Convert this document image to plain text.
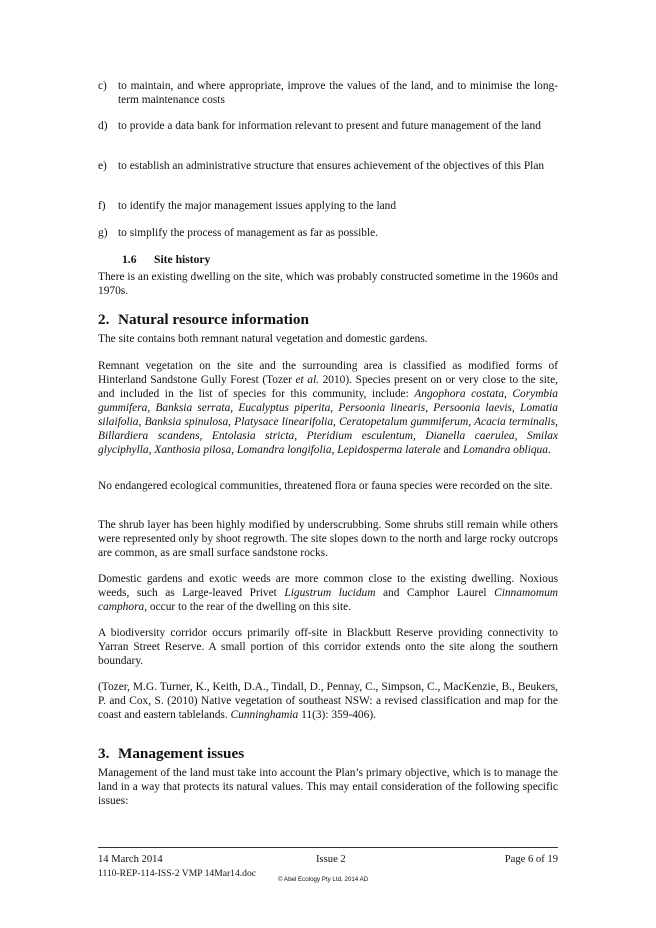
c) to maintain, and where appropriate, improve the values of the land, and to minimise the long-term maintenance costs
d) to provide a data bank for information relevant to present and future management of the land
e) to establish an administrative structure that ensures achievement of the objectives of this Plan
f)	to identify the major management issues applying to the land
g) to simplify the process of management as far as possible.
1.6 Site history
There is an existing dwelling on the site, which was probably constructed sometime in the 1960s and 1970s.
2. Natural resource information
The site contains both remnant natural vegetation and domestic gardens.
Remnant vegetation on the site and the surrounding area is classified as modified forms of Hinterland Sandstone Gully Forest (Tozer et al. 2010). Species present on or very close to the site, and included in the list of species for this community, include: Angophora costata, Corymbia gummifera, Banksia serrata, Eucalyptus piperita, Persoonia linearis, Persoonia laevis, Lomatia silaifolia, Banksia spinulosa, Platysace linearifolia, Ceratopetalum gummiferum, Acacia terminalis, Billardiera scandens, Entolasia stricta, Pteridium esculentum, Dianella caerulea, Smilax glyciphylla, Xanthosia pilosa, Lomandra longifolia, Lepidosperma laterale and Lomandra obliqua.
No endangered ecological communities, threatened flora or fauna species were recorded on the site.
The shrub layer has been highly modified by underscrubbing. Some shrubs still remain while others were represented only by shoot regrowth. The site slopes down to the north and large rocky outcrops are common, as are small surface sandstone rocks.
Domestic gardens and exotic weeds are more common close to the existing dwelling. Noxious weeds, such as Large-leaved Privet Ligustrum lucidum and Camphor Laurel Cinnamomum camphora, occur to the rear of the dwelling on this site.
A biodiversity corridor occurs primarily off-site in Blackbutt Reserve providing connectivity to Yarran Street Reserve. A small portion of this corridor extends onto the site along the southern boundary.
(Tozer, M.G. Turner, K., Keith, D.A., Tindall, D., Pennay, C., Simpson, C., MacKenzie, B., Beukers, P. and Cox, S. (2010) Native vegetation of southeast NSW: a revised classification and map for the coast and eastern tablelands. Cunninghamia 11(3): 359-406).
3. Management issues
Management of the land must take into account the Plan’s primary objective, which is to manage the land in a way that protects its natural values. This may entail consideration of the following specific issues:
14 March 2014	Issue 2	Page 6 of 19
1110-REP-114-ISS-2 VMP 14Mar14.doc
© Abel Ecology Pty Ltd, 2014 AD
